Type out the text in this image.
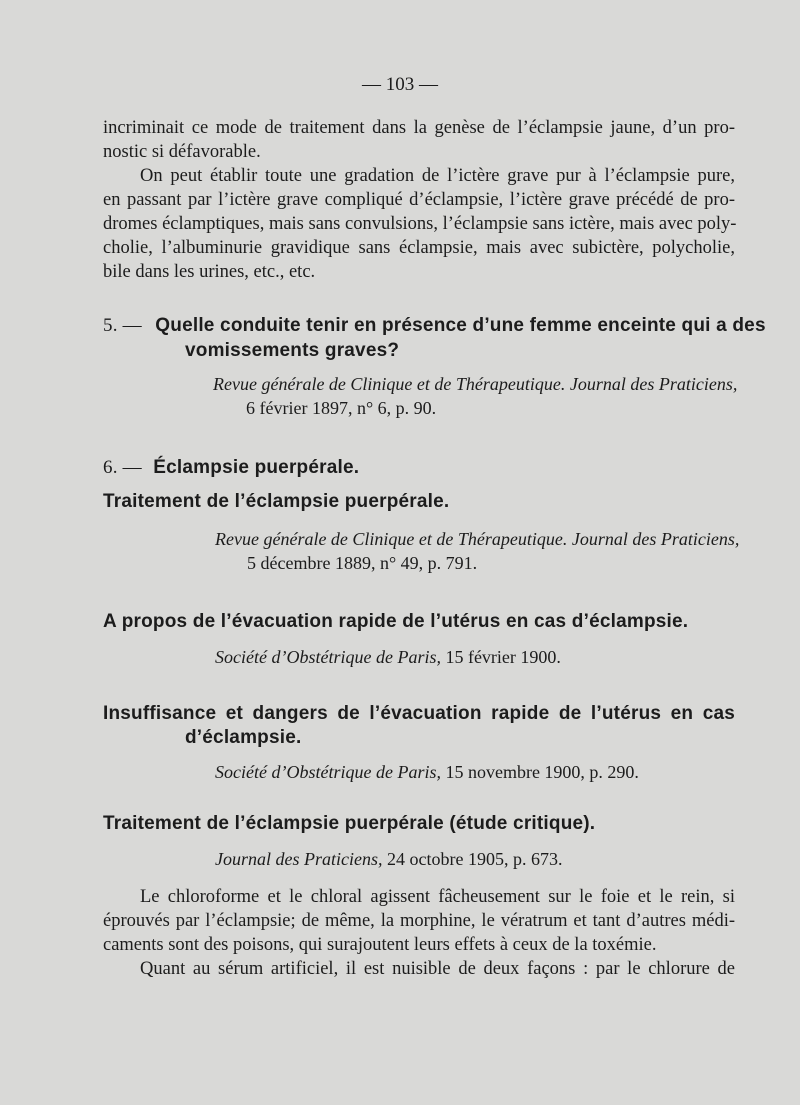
— 103 —
incriminait ce mode de traitement dans la genèse de l’éclampsie jaune, d’un pro-
nostic si défavorable.
On peut établir toute une gradation de l’ictère grave pur à l’éclampsie pure,
en passant par l’ictère grave compliqué d’éclampsie, l’ictère grave précédé de pro-
dromes éclamptiques, mais sans convulsions, l’éclampsie sans ictère, mais avec poly-
cholie, l’albuminurie gravidique sans éclampsie, mais avec subictère, polycholie,
bile dans les urines, etc., etc.
5. — Quelle conduite tenir en présence d’une femme enceinte qui a des
vomissements graves?
Revue générale de Clinique et de Thérapeutique. Journal des Praticiens,
6 février 1897, n° 6, p. 90.
6. — Éclampsie puerpérale.
Traitement de l’éclampsie puerpérale.
Revue générale de Clinique et de Thérapeutique. Journal des Praticiens,
5 décembre 1889, n° 49, p. 791.
A propos de l’évacuation rapide de l’utérus en cas d’éclampsie.
Société d’Obstétrique de Paris, 15 février 1900.
Insuffisance et dangers de l’évacuation rapide de l’utérus en cas
d’éclampsie.
Société d’Obstétrique de Paris, 15 novembre 1900, p. 290.
Traitement de l’éclampsie puerpérale (étude critique).
Journal des Praticiens, 24 octobre 1905, p. 673.
Le chloroforme et le chloral agissent fâcheusement sur le foie et le rein, si
éprouvés par l’éclampsie; de même, la morphine, le vératrum et tant d’autres médi-
caments sont des poisons, qui surajoutent leurs effets à ceux de la toxémie.
Quant au sérum artificiel, il est nuisible de deux façons : par le chlorure de
